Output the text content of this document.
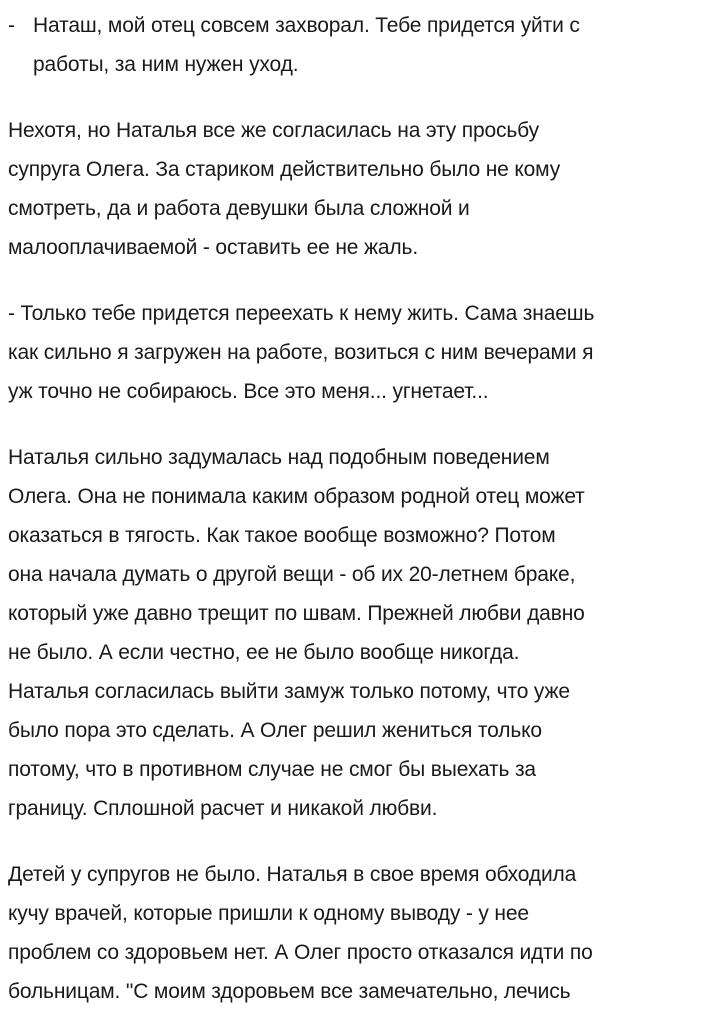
- Наташ, мой отец совсем захворал. Тебе придется уйти с
работы, за ним нужен уход.

Нехотя, но Наталья все же согласилась на эту просьбу
супруга Олега. За стариком действительно было не кому
смотреть, да и работа девушки была сложной и
малооплачиваемой - оставить ее не жаль.

- Только тебе придется переехать к нему жить. Сама знаешь
как сильно я загружен на работе, возиться с ним вечерами я
уж точно не собираюсь. Все это меня... угнетает...

Наталья сильно задумалась над подобным поведением
Олега. Она не понимала каким образом родной отец может
оказаться в тягость. Как такое вообще возможно? Потом
она начала думать о другой вещи - об их 20-летнем браке,
который уже давно трещит по швам. Прежней любви давно
не было. А если честно, ее не было вообще никогда.
Наталья согласилась выйти замуж только потому, что уже
было пора это сделать. А Олег решил жениться только
потому, что в противном случае не смог бы выехать за
границу. Сплошной расчет и никакой любви.

Детей у супругов не было. Наталья в свое время обходила
кучу врачей, которые пришли к одному выводу - у нее
проблем со здоровьем нет. А Олег просто отказался идти по
больницам. "С моим здоровьем все замечательно, лечись
